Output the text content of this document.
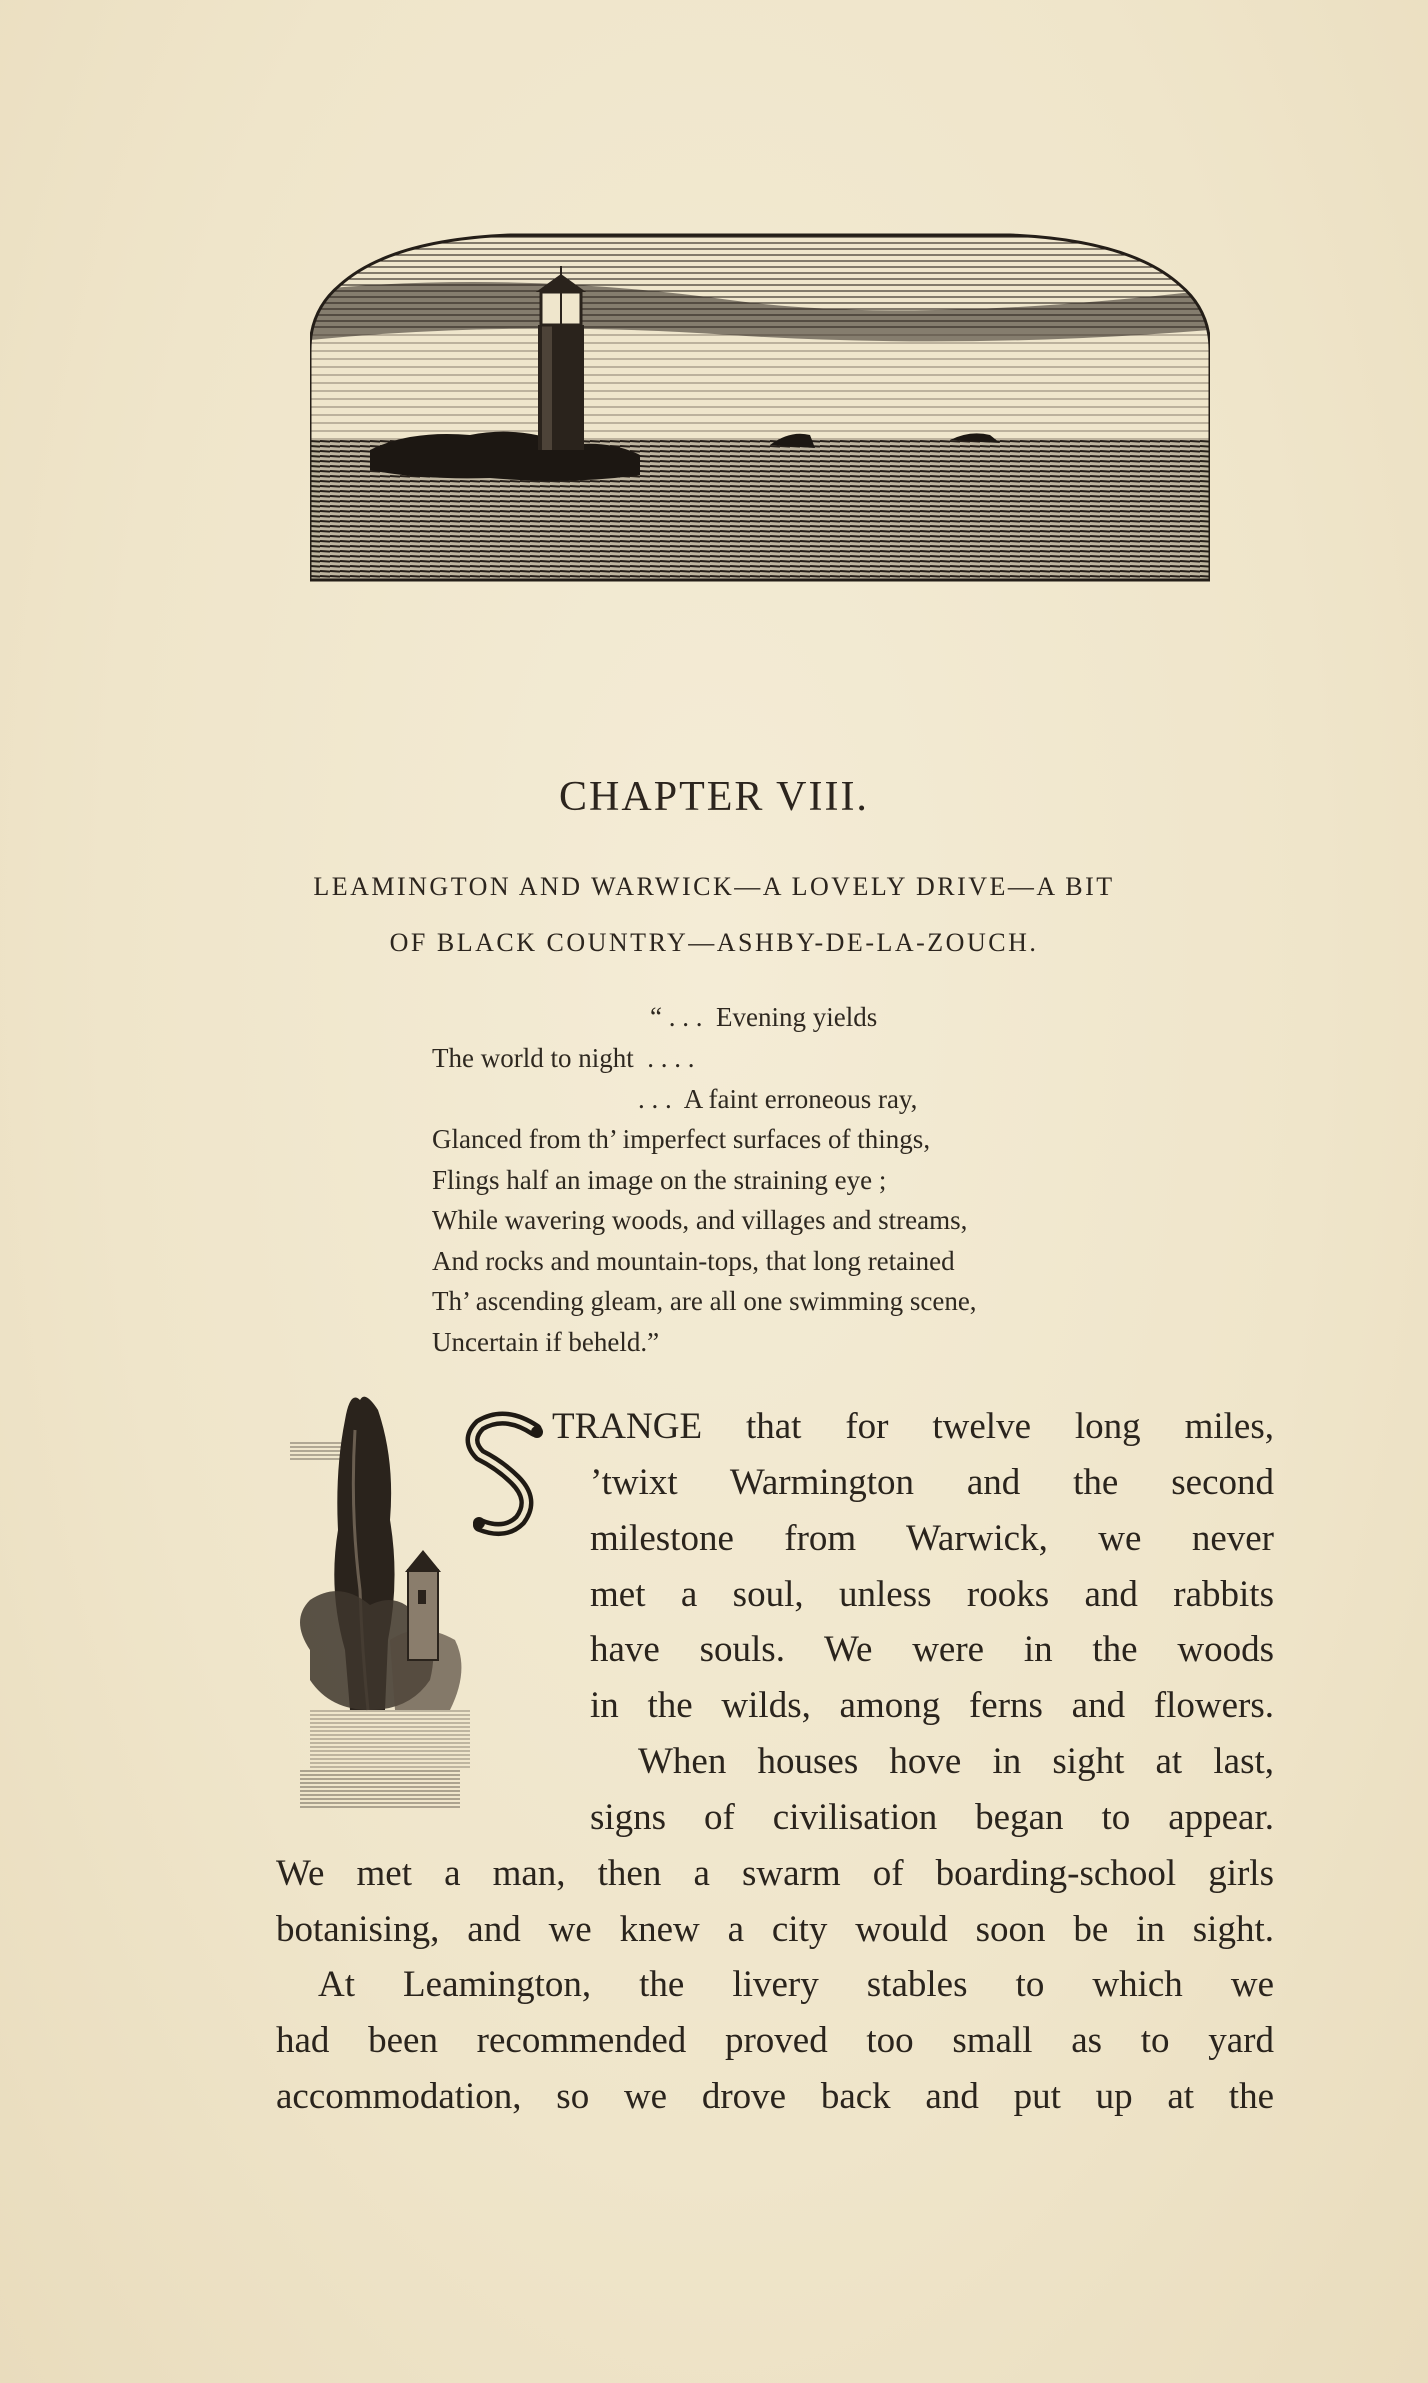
CHAPTER VIII.
LEAMINGTON AND WARWICK—A LOVELY DRIVE—A BIT
OF BLACK COUNTRY—ASHBY-DE-LA-ZOUCH.
“ . . .  Evening yields
The world to night  . . . .
. . .  A faint erroneous ray,
Glanced from th’ imperfect surfaces of things,
Flings half an image on the straining eye ;
While wavering woods, and villages and streams,
And rocks and mountain-tops, that long retained
Th’ ascending gleam, are all one swimming scene,
Uncertain if beheld.”
TRANGE that for twelve long miles,
’twixt Warmington and the second
milestone from Warwick, we never
met a soul, unless rooks and rabbits
have souls. We were in the woods
in the wilds, among ferns and flowers.
When houses hove in sight at last,
signs of civilisation began to appear.
We met a man, then a swarm of boarding-school girls
botanising, and we knew a city would soon be in sight.
At Leamington, the livery stables to which we
had been recommended proved too small as to yard
accommodation, so we drove back and put up at the
